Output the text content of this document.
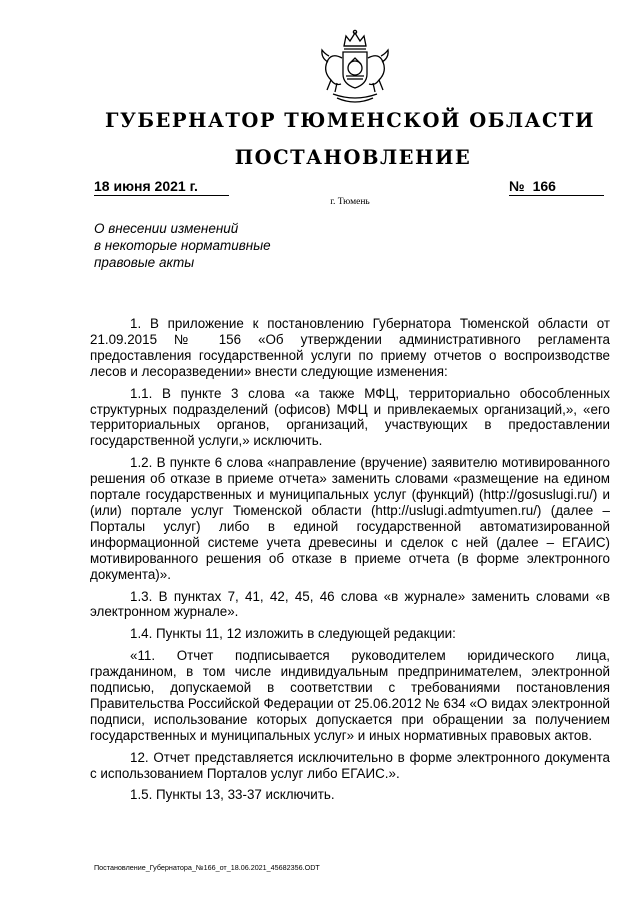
ГУБЕРНАТОР ТЮМЕНСКОЙ ОБЛАСТИ
ПОСТАНОВЛЕНИЕ
18 июня 2021 г.	№ 166
г. Тюмень
О внесении изменений
в некоторые нормативные
правовые акты

1. В приложение к постановлению Губернатора Тюменской области от 21.09.2015 № 156 «Об утверждении административного регламента предоставления государственной услуги по приему отчетов о воспроизводстве лесов и лесоразведении» внести следующие изменения:

1.1. В пункте 3 слова «а также МФЦ, территориально обособленных структурных подразделений (офисов) МФЦ и привлекаемых организаций,», «его территориальных органов, организаций, участвующих в предоставлении государственной услуги,» исключить.

1.2. В пункте 6 слова «направление (вручение) заявителю мотивированного решения об отказе в приеме отчета» заменить словами «размещение на едином портале государственных и муниципальных услуг (функций) (http://gosuslugi.ru/) и (или) портале услуг Тюменской области (http://uslugi.admtyumen.ru/) (далее – Порталы услуг) либо в единой государственной автоматизированной информационной системе учета древесины и сделок с ней (далее – ЕГАИС) мотивированного решения об отказе в приеме отчета (в форме электронного документа)».

1.3. В пунктах 7, 41, 42, 45, 46 слова «в журнале» заменить словами «в электронном журнале».

1.4. Пункты 11, 12 изложить в следующей редакции:

«11. Отчет подписывается руководителем юридического лица, гражданином, в том числе индивидуальным предпринимателем, электронной подписью, допускаемой в соответствии с требованиями постановления Правительства Российской Федерации от 25.06.2012 № 634 «О видах электронной подписи, использование которых допускается при обращении за получением государственных и муниципальных услуг» и иных нормативных правовых актов.

12. Отчет представляется исключительно в форме электронного документа с использованием Порталов услуг либо ЕГАИС.».

1.5. Пункты 13, 33-37 исключить.

Постановление_Губернатора_№166_от_18.06.2021_45682356.ODT
